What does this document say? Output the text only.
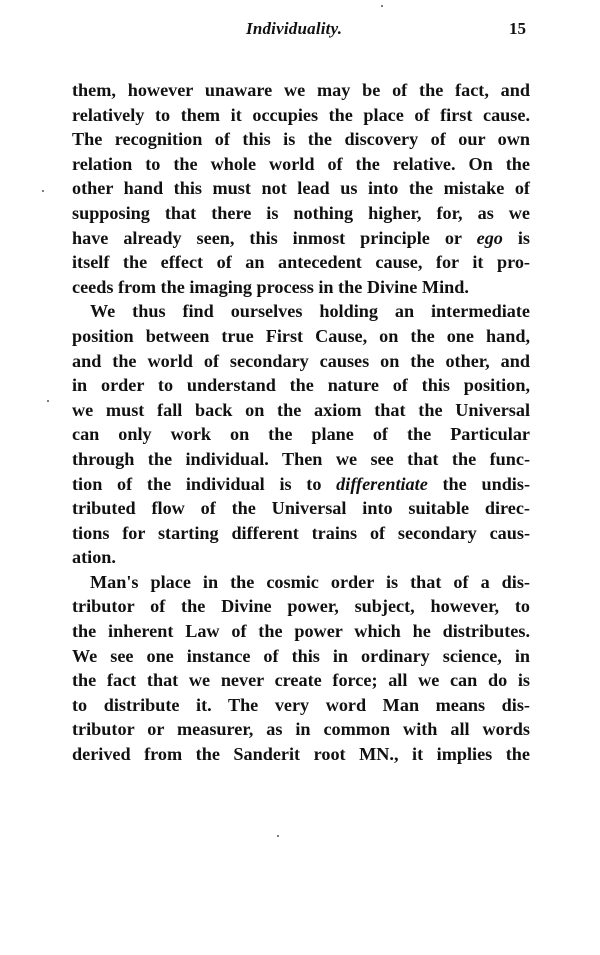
Individuality.	15
them, however unaware we may be of the fact, and
relatively to them it occupies the place of first cause.
The recognition of this is the discovery of our own
relation to the whole world of the relative. On the
other hand this must not lead us into the mistake of
supposing that there is nothing higher, for, as we
have already seen, this inmost principle or ego is
itself the effect of an antecedent cause, for it pro-
ceeds from the imaging process in the Divine Mind.
We thus find ourselves holding an intermediate
position between true First Cause, on the one hand,
and the world of secondary causes on the other, and
in order to understand the nature of this position,
we must fall back on the axiom that the Universal
can only work on the plane of the Particular
through the individual. Then we see that the func-
tion of the individual is to differentiate the undis-
tributed flow of the Universal into suitable direc-
tions for starting different trains of secondary caus-
ation.
Man's place in the cosmic order is that of a dis-
tributor of the Divine power, subject, however, to
the inherent Law of the power which he distributes.
We see one instance of this in ordinary science, in
the fact that we never create force; all we can do is
to distribute it. The very word Man means dis-
tributor or measurer, as in common with all words
derived from the Sanderit root MN., it implies the
